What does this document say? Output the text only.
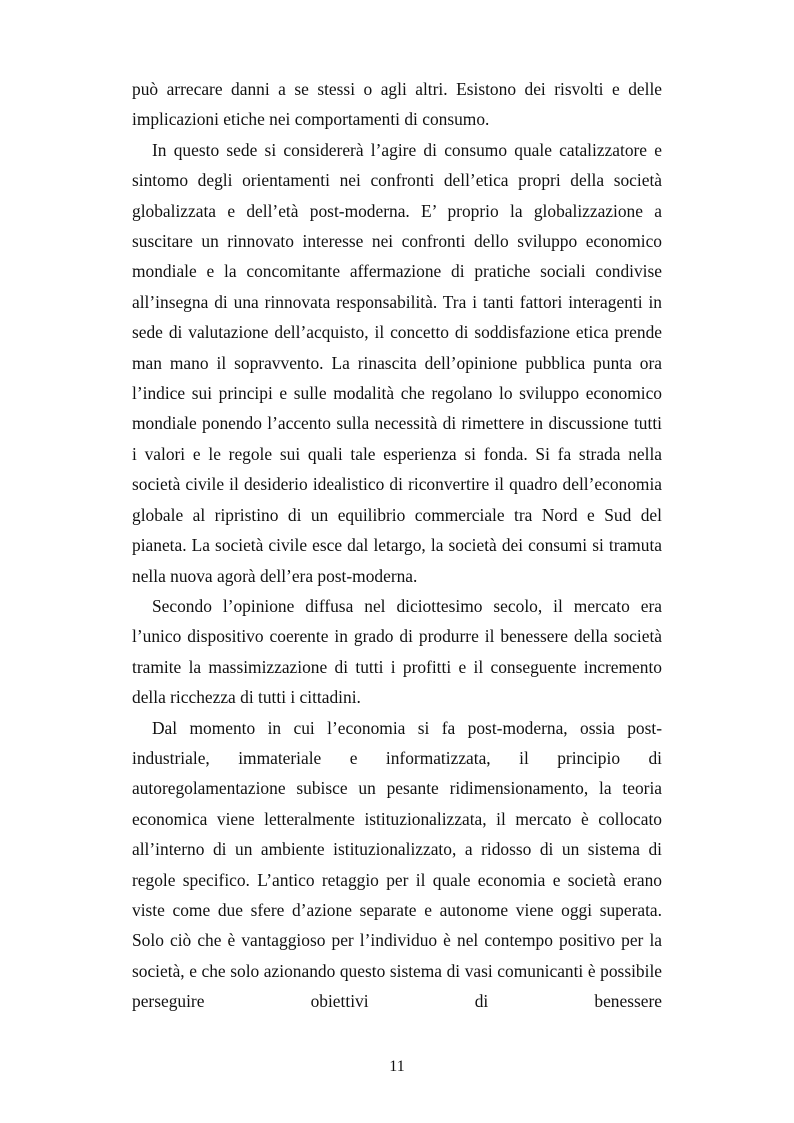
può arrecare danni a se stessi o agli altri. Esistono dei risvolti e delle implicazioni etiche nei comportamenti di consumo.

In questo sede si considererà l’agire di consumo quale catalizzatore e sintomo degli orientamenti nei confronti dell’etica propri della società globalizzata e dell’età post-moderna. E’ proprio la globalizzazione a suscitare un rinnovato interesse nei confronti dello sviluppo economico mondiale e la concomitante affermazione di pratiche sociali condivise all’insegna di una rinnovata responsabilità. Tra i tanti fattori interagenti in sede di valutazione dell’acquisto, il concetto di soddisfazione etica prende man mano il sopravvento. La rinascita dell’opinione pubblica punta ora l’indice sui principi e sulle modalità che regolano lo sviluppo economico mondiale ponendo l’accento sulla necessità di rimettere in discussione tutti i valori e le regole sui quali tale esperienza si fonda. Si fa strada nella società civile il desiderio idealistico di riconvertire il quadro dell’economia globale al ripristino di un equilibrio commerciale tra Nord e Sud del pianeta. La società civile esce dal letargo, la società dei consumi si tramuta nella nuova agorà dell’era post-moderna.

Secondo l’opinione diffusa nel diciottesimo secolo, il mercato era l’unico dispositivo coerente in grado di produrre il benessere della società tramite la massimizzazione di tutti i profitti e il conseguente incremento della ricchezza di tutti i cittadini.

Dal momento in cui l’economia si fa post-moderna, ossia post-industriale, immateriale e informatizzata, il principio di autoregolamentazione subisce un pesante ridimensionamento, la teoria economica viene letteralmente istituzionalizzata, il mercato è collocato all’interno di un ambiente istituzionalizzato, a ridosso di un sistema di regole specifico. L’antico retaggio per il quale economia e società erano viste come due sfere d’azione separate e autonome viene oggi superata. Solo ciò che è vantaggioso per l’individuo è nel contempo positivo per la società, e che solo azionando questo sistema di vasi comunicanti è possibile perseguire obiettivi di benessere

11
